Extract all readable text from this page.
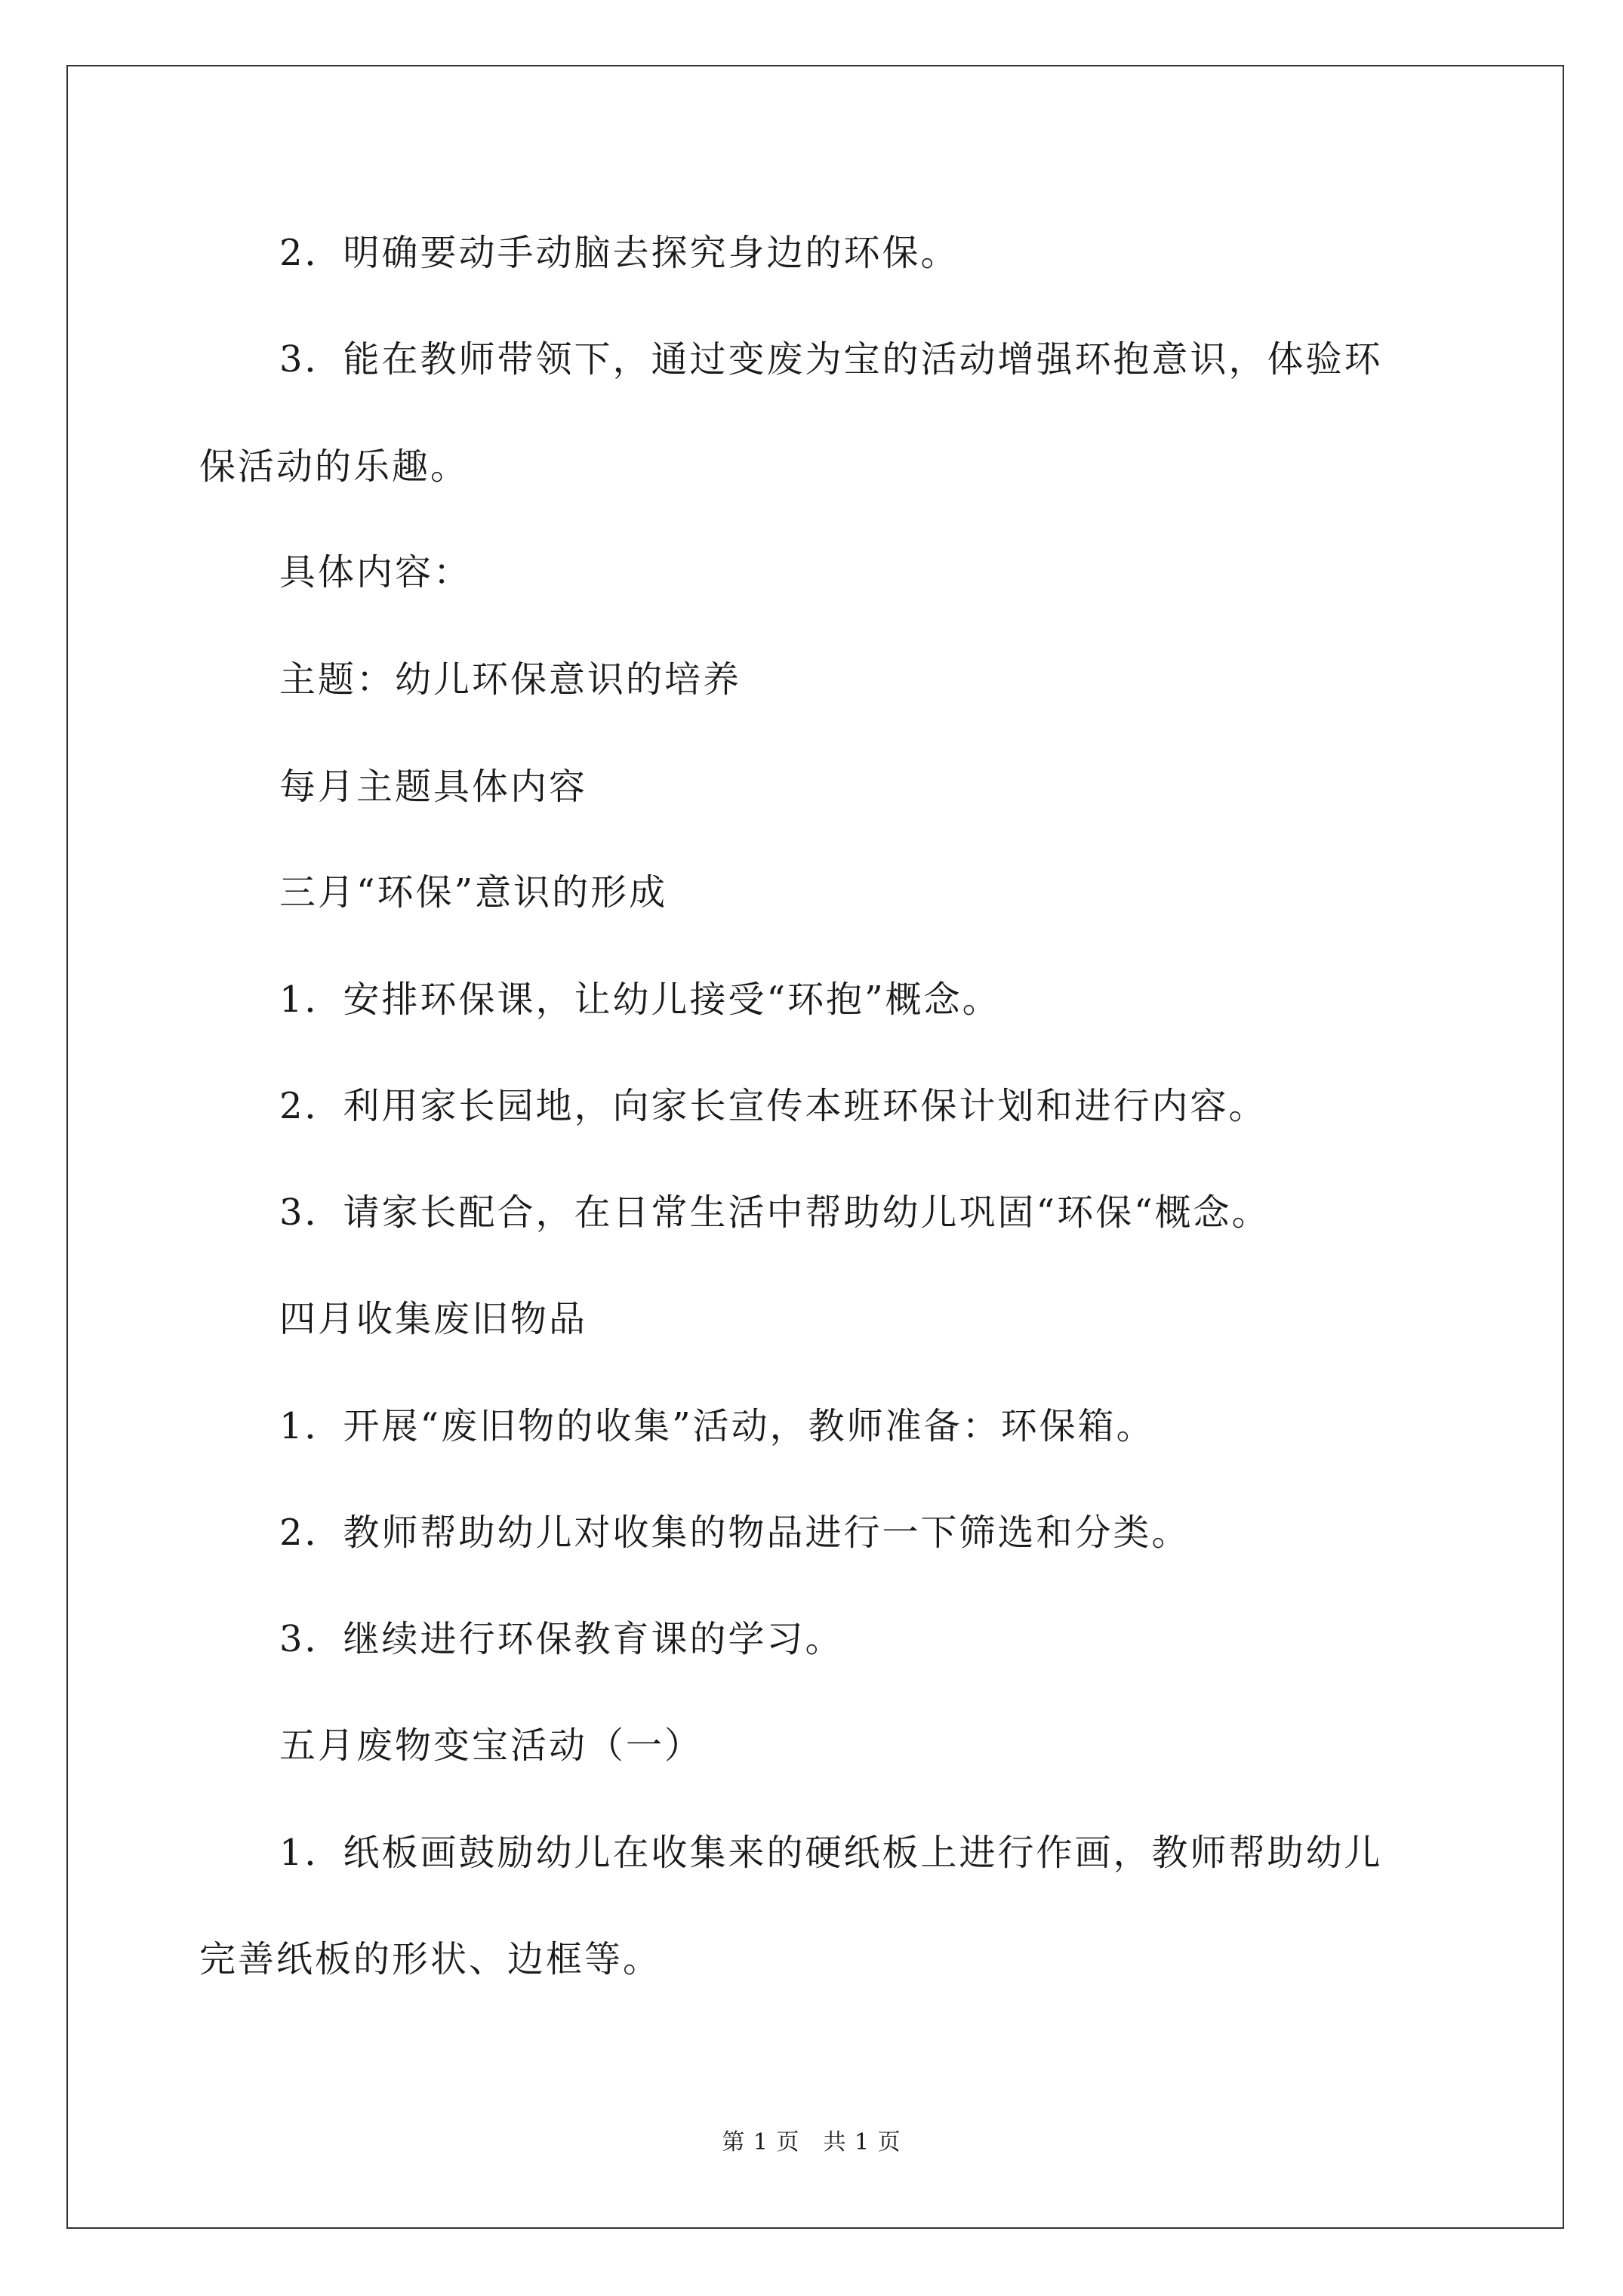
2．明确要动手动脑去探究身边的环保。
3．能在教师带领下，通过变废为宝的活动增强环抱意识，体验环
保活动的乐趣。
具体内容：
主题：幼儿环保意识的培养
每月主题具体内容
三月“环保”意识的形成
1．安排环保课，让幼儿接受“环抱”概念。
2．利用家长园地，向家长宣传本班环保计划和进行内容。
3．请家长配合，在日常生活中帮助幼儿巩固“环保“概念。
四月收集废旧物品
1．开展“废旧物的收集”活动，教师准备：环保箱。
2．教师帮助幼儿对收集的物品进行一下筛选和分类。
3．继续进行环保教育课的学习。
五月废物变宝活动（一）
1．纸板画鼓励幼儿在收集来的硬纸板上进行作画，教师帮助幼儿
完善纸板的形状、边框等。
第 1 页　共 1 页
